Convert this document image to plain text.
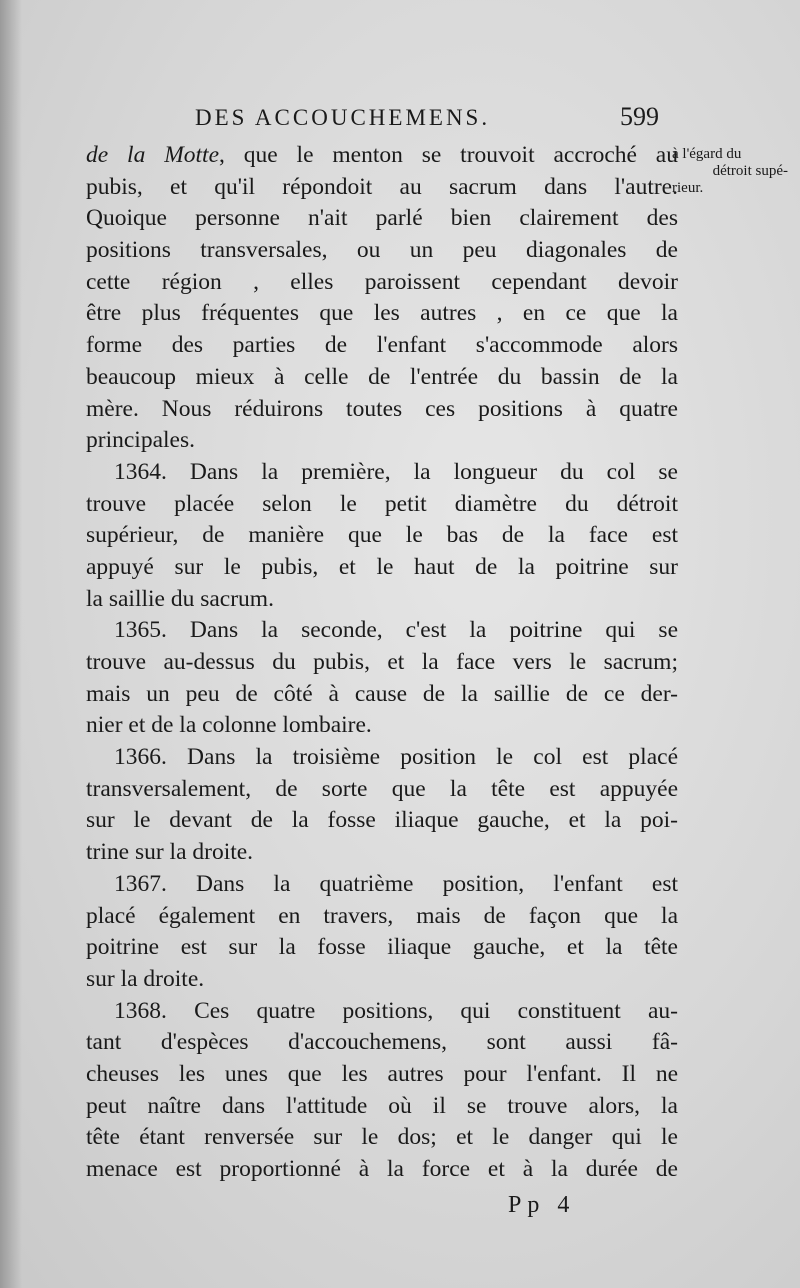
DES ACCOUCHEMENS.	599
à l'égard du
détroit supé-
rieur.
de la Motte, que le menton se trouvoit accroché au
pubis, et qu'il répondoit au sacrum dans l'autre.
Quoique personne n'ait parlé bien clairement des
positions transversales, ou un peu diagonales de
cette région , elles paroissent cependant devoir
être plus fréquentes que les autres , en ce que la
forme des parties de l'enfant s'accommode alors
beaucoup mieux à celle de l'entrée du bassin de la
mère. Nous réduirons toutes ces positions à quatre
principales.
1364. Dans la première, la longueur du col se
trouve placée selon le petit diamètre du détroit
supérieur, de manière que le bas de la face est
appuyé sur le pubis, et le haut de la poitrine sur
la saillie du sacrum.
1365. Dans la seconde, c'est la poitrine qui se
trouve au-dessus du pubis, et la face vers le sacrum;
mais un peu de côté à cause de la saillie de ce der-
nier et de la colonne lombaire.
1366. Dans la troisième position le col est placé
transversalement, de sorte que la tête est appuyée
sur le devant de la fosse iliaque gauche, et la poi-
trine sur la droite.
1367. Dans la quatrième position, l'enfant est
placé également en travers, mais de façon que la
poitrine est sur la fosse iliaque gauche, et la tête
sur la droite.
1368. Ces quatre positions, qui constituent au-
tant d'espèces d'accouchemens, sont aussi fâ-
cheuses les unes que les autres pour l'enfant. Il ne
peut naître dans l'attitude où il se trouve alors, la
tête étant renversée sur le dos; et le danger qui le
menace est proportionné à la force et à la durée de
Pp 4
